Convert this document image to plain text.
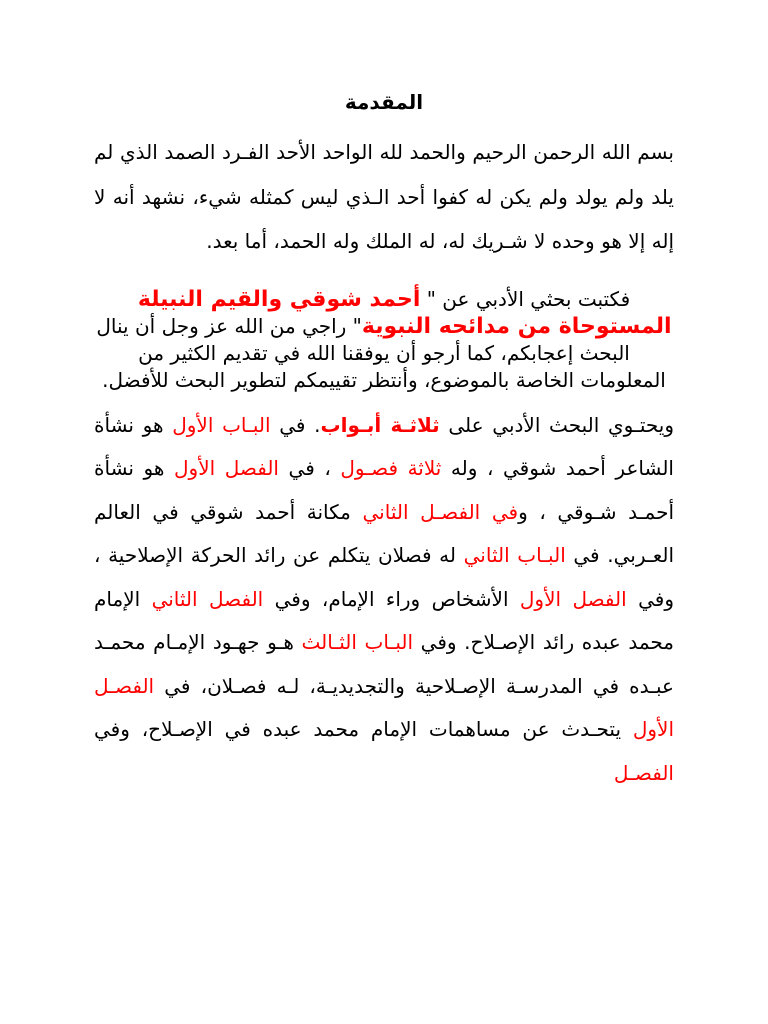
المقدمة

بسم الله الرحمن الرحيم والحمد لله الواحد الأحد الفـرد الصمد الذي لم يلد ولم يولد ولم يكن له كفوا أحد الـذي ليس كمثله شيء، نشهد أنه لا إله إلا هو وحده لا شـريك له، له الملك وله الحمد، أما بعد.

فكتبت بحثي الأدبي عن " أحمد شوقي والقيم النبيلة المستوحاة من مدائحه النبوية" راجي من الله عز وجل أن ينال البحث إعجابكم، كما أرجو أن يوفقنا الله في تقديم الكثير من المعلومات الخاصة بالموضوع، وأنتظر تقييمكم لتطوير البحث للأفضل.

ويحتـوي البحث الأدبي على ثلاثـة أبـواب. في البـاب الأول هو نشأة الشاعر أحمد شوقي ، وله ثلاثة فصـول ، في الفصل الأول هو نشأة أحمـد شـوقي ، وفي الفصـل الثاني مكانة أحمد شوقي في العالم العـربي. في البـاب الثاني له فصلان يتكلم عن رائد الحركة الإصلاحية ، وفي الفصل الأول الأشخاص وراء الإمام، وفي الفصل الثاني الإمام محمد عبده رائد الإصـلاح. وفي البـاب الثـالث هـو جهـود الإمـام محمـد عبـده في المدرسـة الإصـلاحية والتجديديـة، لـه فصـلان، في الفصـل الأول يتحـدث عن مساهمات الإمام محمد عبده في الإصـلاح، وفي الفصـل
